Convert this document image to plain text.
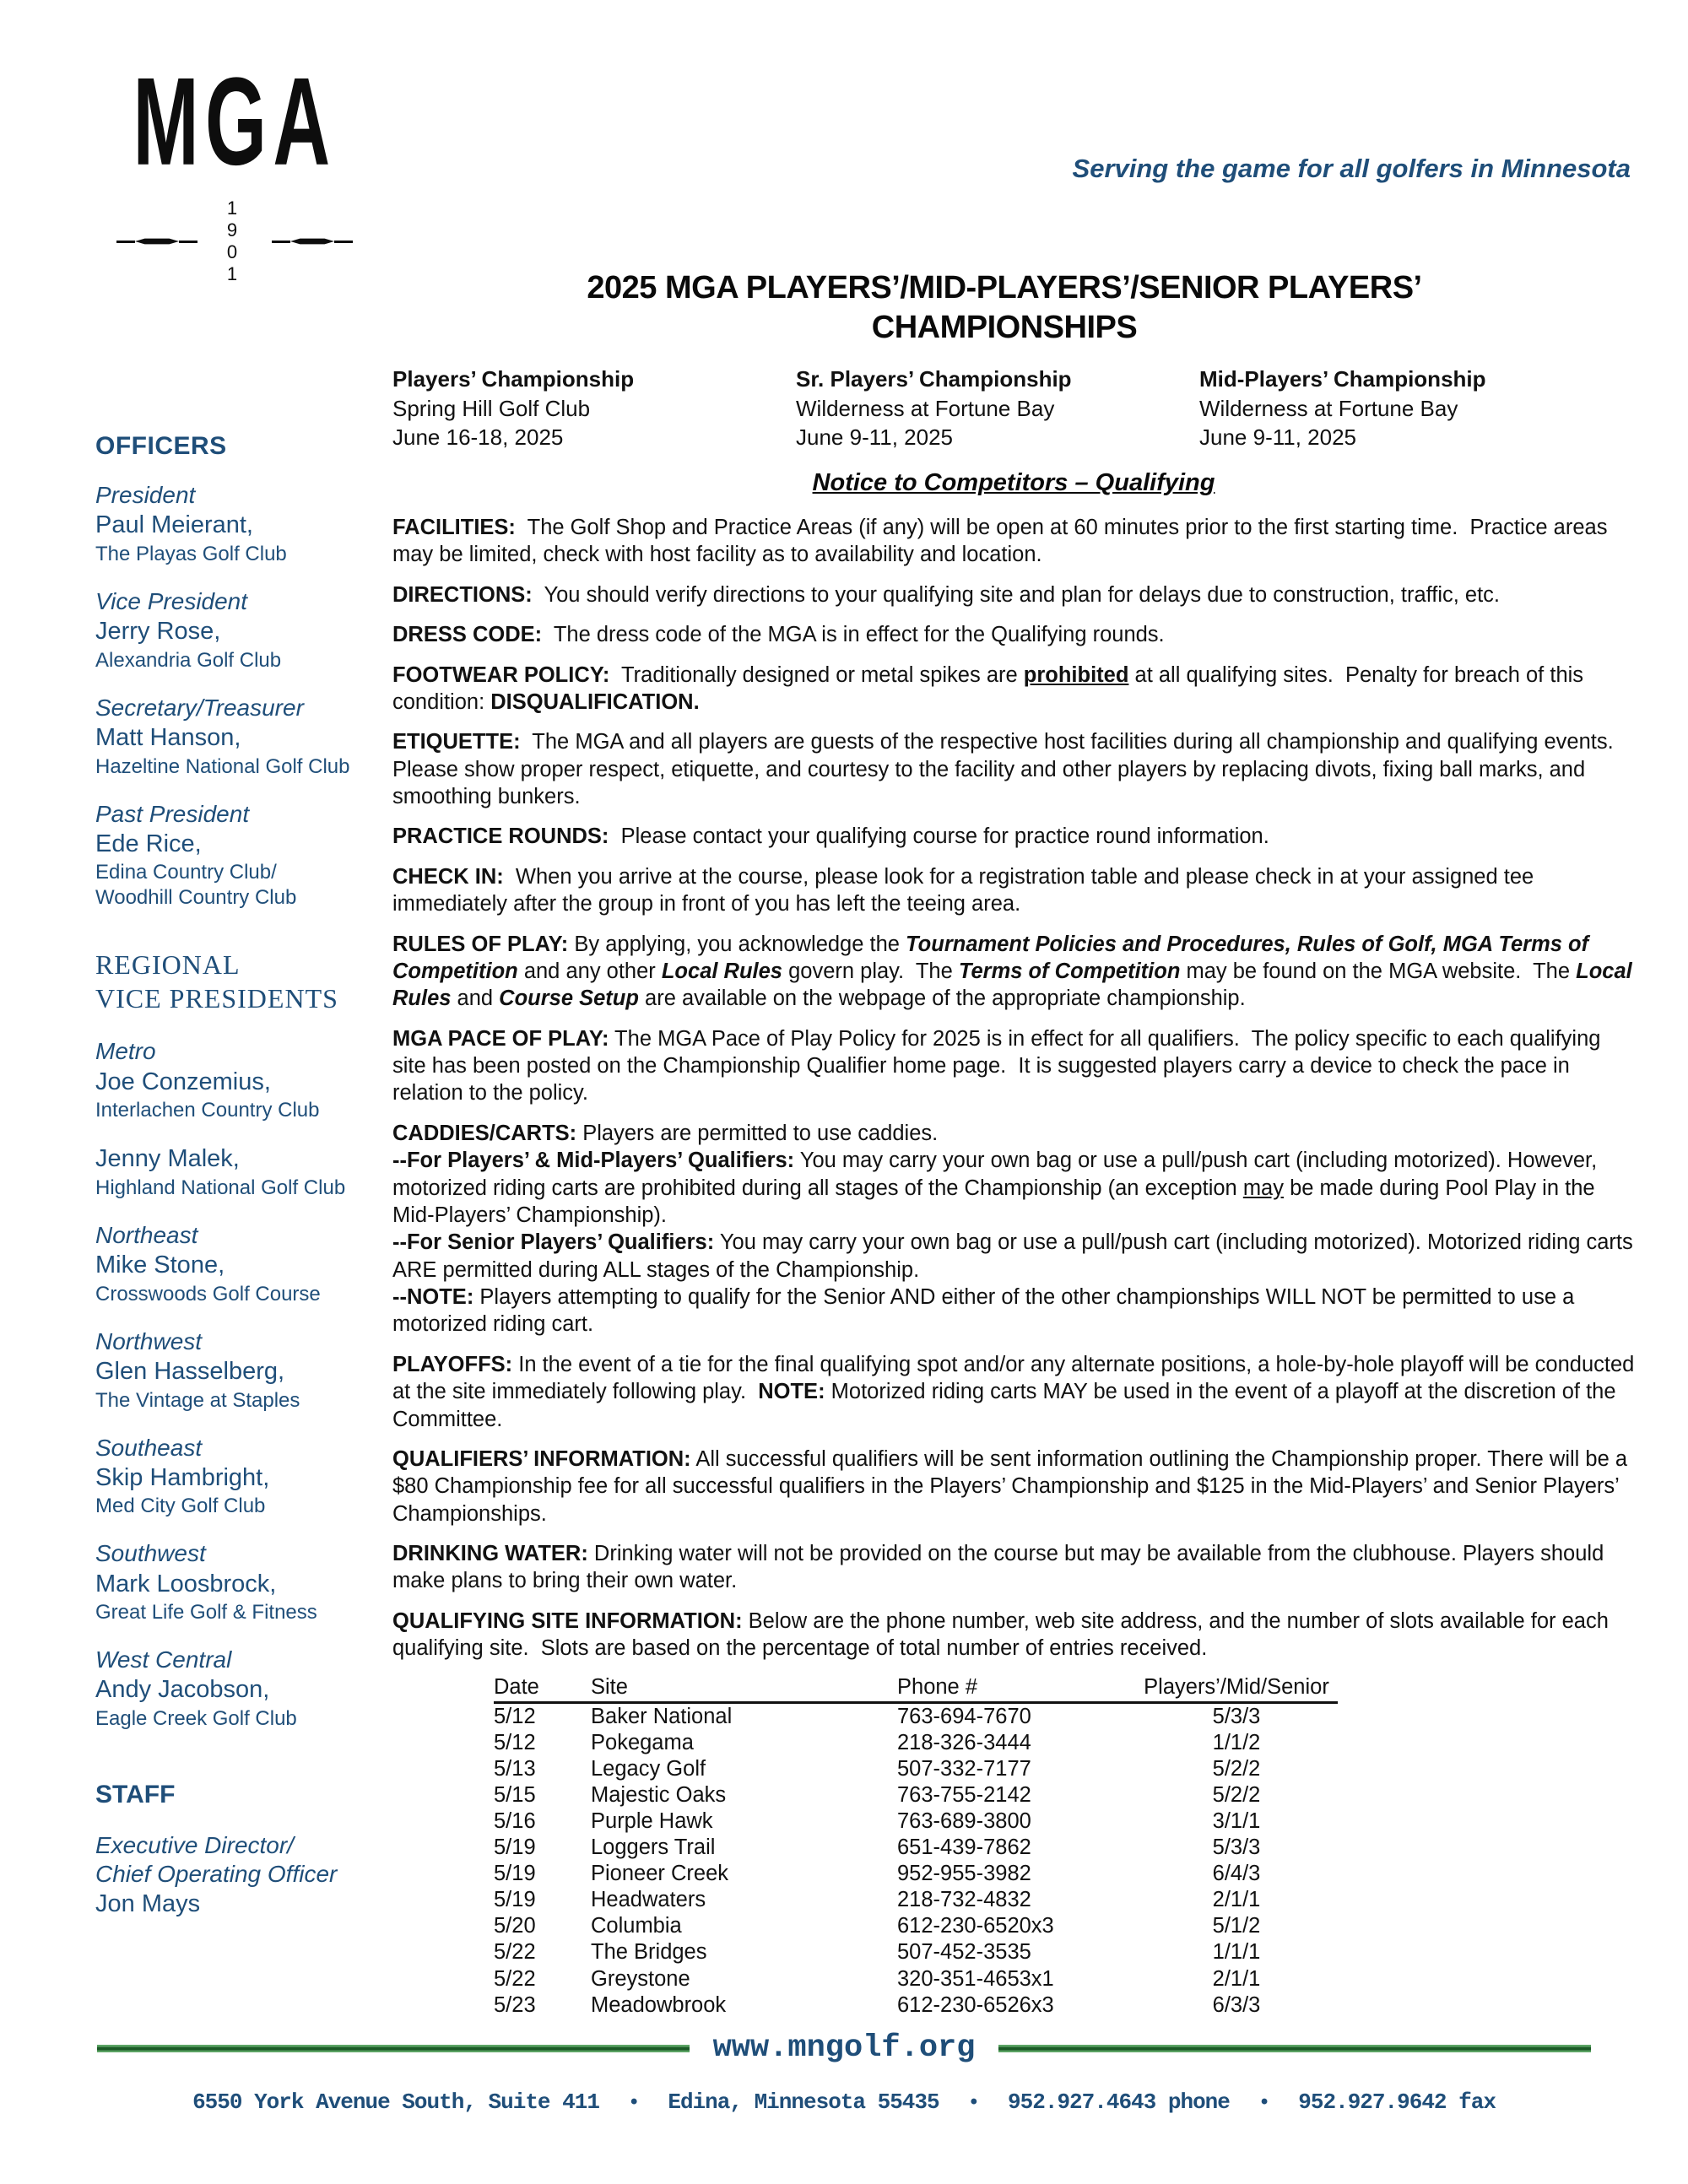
MGA
1 9 0 1
Serving the game for all golfers in Minnesota
2025 MGA PLAYERS’/MID-PLAYERS’/SENIOR PLAYERS’
CHAMPIONSHIPS
Players’ Championship
Spring Hill Golf Club
June 16-18, 2025
Sr. Players’ Championship
Wilderness at Fortune Bay
June 9-11, 2025
Mid-Players’ Championship
Wilderness at Fortune Bay
June 9-11, 2025
OFFICERS
President
Paul Meierant,
The Playas Golf Club
Vice President
Jerry Rose,
Alexandria Golf Club
Secretary/Treasurer
Matt Hanson,
Hazeltine National Golf Club
Past President
Ede Rice,
Edina Country Club/
Woodhill Country Club
REGIONAL
VICE PRESIDENTS
Metro
Joe Conzemius,
Interlachen Country Club
Jenny Malek,
Highland National Golf Club
Northeast
Mike Stone,
Crosswoods Golf Course
Northwest
Glen Hasselberg,
The Vintage at Staples
Southeast
Skip Hambright,
Med City Golf Club
Southwest
Mark Loosbrock,
Great Life Golf & Fitness
West Central
Andy Jacobson,
Eagle Creek Golf Club
STAFF
Executive Director/
Chief Operating Officer
Jon Mays
Notice to Competitors – Qualifying

FACILITIES:  The Golf Shop and Practice Areas (if any) will be open at 60 minutes prior to the first starting time.  Practice areas may be limited, check with host facility as to availability and location.

DIRECTIONS:  You should verify directions to your qualifying site and plan for delays due to construction, traffic, etc.

DRESS CODE:  The dress code of the MGA is in effect for the Qualifying rounds.

FOOTWEAR POLICY:  Traditionally designed or metal spikes are prohibited at all qualifying sites.  Penalty for breach of this condition: DISQUALIFICATION.

ETIQUETTE:  The MGA and all players are guests of the respective host facilities during all championship and qualifying events.  Please show proper respect, etiquette, and courtesy to the facility and other players by replacing divots, fixing ball marks, and smoothing bunkers.

PRACTICE ROUNDS:  Please contact your qualifying course for practice round information.

CHECK IN:  When you arrive at the course, please look for a registration table and please check in at your assigned tee immediately after the group in front of you has left the teeing area.

RULES OF PLAY: By applying, you acknowledge the Tournament Policies and Procedures, Rules of Golf, MGA Terms of Competition and any other Local Rules govern play.  The Terms of Competition may be found on the MGA website.  The Local Rules and Course Setup are available on the webpage of the appropriate championship.

MGA PACE OF PLAY: The MGA Pace of Play Policy for 2025 is in effect for all qualifiers.  The policy specific to each qualifying site has been posted on the Championship Qualifier home page.  It is suggested players carry a device to check the pace in relation to the policy.

CADDIES/CARTS: Players are permitted to use caddies.

--For Players’ & Mid-Players’ Qualifiers: You may carry your own bag or use a pull/push cart (including motorized). However, motorized riding carts are prohibited during all stages of the Championship (an exception may be made during Pool Play in the Mid-Players’ Championship).

--For Senior Players’ Qualifiers: You may carry your own bag or use a pull/push cart (including motorized). Motorized riding carts ARE permitted during ALL stages of the Championship.

--NOTE: Players attempting to qualify for the Senior AND either of the other championships WILL NOT be permitted to use a motorized riding cart.

PLAYOFFS: In the event of a tie for the final qualifying spot and/or any alternate positions, a hole-by-hole playoff will be conducted at the site immediately following play.  NOTE: Motorized riding carts MAY be used in the event of a playoff at the discretion of the Committee.

QUALIFIERS’ INFORMATION: All successful qualifiers will be sent information outlining the Championship proper. There will be a $80 Championship fee for all successful qualifiers in the Players’ Championship and $125 in the Mid-Players’ and Senior Players’ Championships.

DRINKING WATER: Drinking water will not be provided on the course but may be available from the clubhouse. Players should make plans to bring their own water.

QUALIFYING SITE INFORMATION: Below are the phone number, web site address, and the number of slots available for each qualifying site.  Slots are based on the percentage of total number of entries received.

Date	Site	Phone #	Players’/Mid/Senior
5/12	Baker National	763-694-7670	5/3/3
5/12	Pokegama	218-326-3444	1/1/2
5/13	Legacy Golf	507-332-7177	5/2/2
5/15	Majestic Oaks	763-755-2142	5/2/2
5/16	Purple Hawk	763-689-3800	3/1/1
5/19	Loggers Trail	651-439-7862	5/3/3
5/19	Pioneer Creek	952-955-3982	6/4/3
5/19	Headwaters	218-732-4832	2/1/1
5/20	Columbia	612-230-6520x3	5/1/2
5/22	The Bridges	507-452-3535	1/1/1
5/22	Greystone	320-351-4653x1	2/1/1
5/23	Meadowbrook	612-230-6526x3	6/3/3
www.mngolf.org
6550 York Avenue South, Suite 411 • Edina, Minnesota 55435 • 952.927.4643 phone • 952.927.9642 fax
